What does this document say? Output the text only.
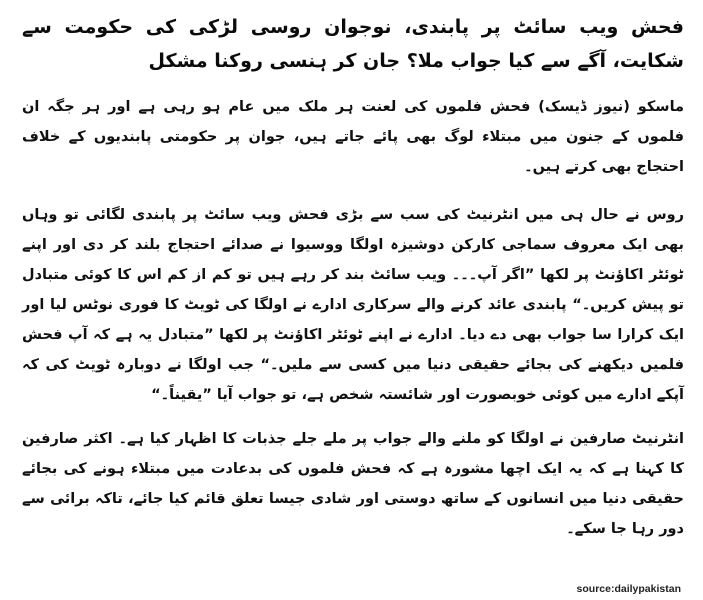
فحش ویب سائٹ پر پابندی، نوجوان روسی لڑکی کی حکومت سے شکایت، آگے سے کیا جواب ملا؟ جان کر ہنسی روکنا مشکل
ماسکو (نیوز ڈیسک) فحش فلموں کی لعنت ہر ملک میں عام ہو رہی ہے اور ہر جگہ ان فلموں کے جنون میں مبتلاء لوگ بھی پائے جاتے ہیں، جوان پر حکومتی پابندیوں کے خلاف احتجاج بھی کرتے ہیں۔
روس نے حال ہی میں انٹرنیٹ کی سب سے بڑی فحش ویب سائٹ پر پابندی لگائی تو وہاں بھی ایک معروف سماجی کارکن دوشیزہ اولگا ووسیوا نے صدائے احتجاج بلند کر دی اور اپنے ٹوئٹر اکاؤنٹ پر لکھا ”اگر آپ۔۔۔ ویب سائٹ بند کر رہے ہیں تو کم از کم اس کا کوئی متبادل تو پیش کریں۔“ پابندی عائد کرنے والے سرکاری ادارے نے اولگا کی ٹویٹ کا فوری نوٹس لیا اور ایک کرارا سا جواب بھی دے دیا۔ ادارے نے اپنے ٹوئٹر اکاؤنٹ پر لکھا ”متبادل یہ ہے کہ آپ فحش فلمیں دیکھنے کی بجائے حقیقی دنیا میں کسی سے ملیں۔“ جب اولگا نے دوبارہ ٹویٹ کی کہ آپکے ادارے میں کوئی خوبصورت اور شائستہ شخص ہے، تو جواب آیا ”یقیناً۔“
انٹرنیٹ صارفین نے اولگا کو ملنے والے جواب پر ملے جلے جذبات کا اظہار کیا ہے۔ اکثر صارفین کا کہنا ہے کہ یہ ایک اچھا مشورہ ہے کہ فحش فلموں کی بدعادت میں مبتلاء ہونے کی بجائے حقیقی دنیا میں انسانوں کے ساتھ دوستی اور شادی جیسا تعلق قائم کیا جائے، تاکہ برائی سے دور رہا جا سکے۔
source:dailypakistan
